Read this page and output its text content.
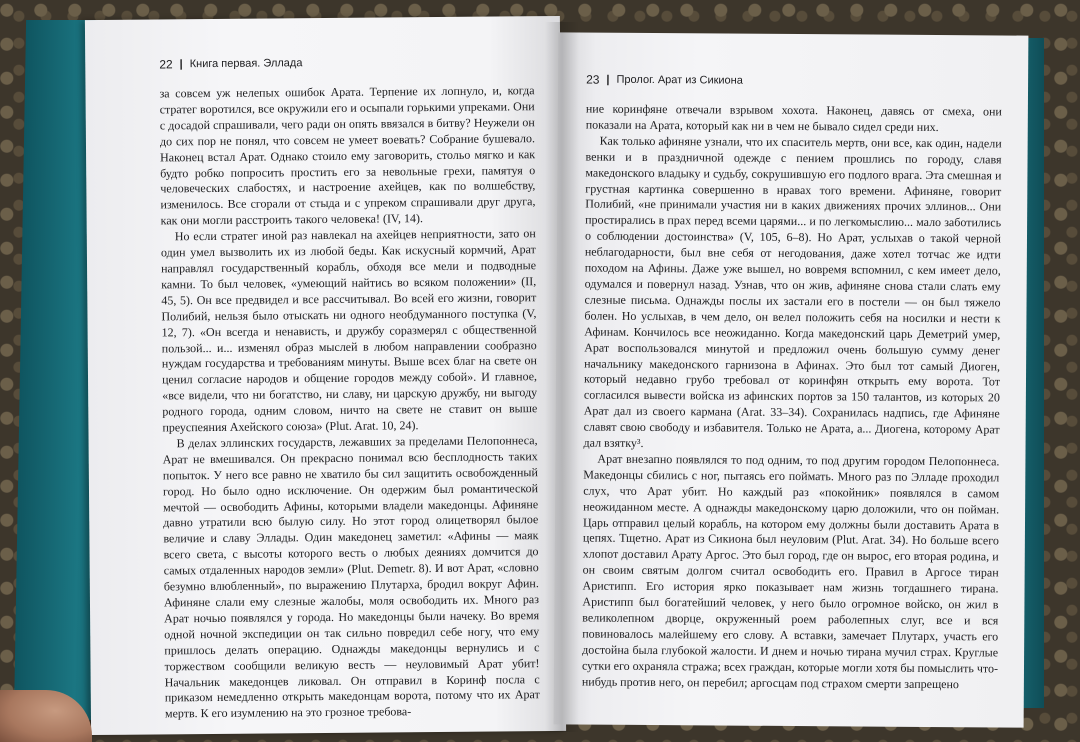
22 | Книга первая. Эллада

за совсем уж нелепых ошибок Арата. Терпение их лопнуло, и, когда стратег воротился, все окружили его и осыпали горькими упреками. Они с досадой спрашивали, чего ради он опять ввязался в битву? Неужели он до сих пор не понял, что совсем не умеет воевать? Собрание бушевало. Наконец встал Арат. Однако стоило ему заговорить, стольо мягко и как будто робко попросить простить его за невольные грехи, памятуя о человеческих слабостях, и настроение ахейцев, как по волшебству, изменилось. Все сгорали от стыда и с упреком спрашивали друг друга, как они могли расстроить такого человека! (IV, 14).

Но если стратег иной раз навлекал на ахейцев неприятности, зато он один умел вызволить их из любой беды. Как искусный кормчий, Арат направлял государственный корабль, обходя все мели и подводные камни. То был человек, «умеющий найтись во всяком положении» (II, 45, 5). Он все предвидел и все рассчитывал. Во всей его жизни, говорит Полибий, нельзя было отыскать ни одного необдуманного поступка (V, 12, 7). «Он всегда и ненависть, и дружбу соразмерял с общественной пользой... и... изменял образ мыслей в любом направлении сообразно нуждам государства и требованиям минуты. Выше всех благ на свете он ценил согласие народов и общение городов между собой». И главное, «все видели, что ни богатство, ни славу, ни царскую дружбу, ни выгоду родного города, одним словом, ничто на свете не ставит он выше преуспеяния Ахейского союза» (Plut. Arat. 10, 24).

В делах эллинских государств, лежавших за пределами Пелопоннеса, Арат не вмешивался. Он прекрасно понимал всю бесплодность таких попыток. У него все равно не хватило бы сил защитить освобожденный город. Но было одно исключение. Он одержим был романтической мечтой — освободить Афины, которыми владели македонцы. Афиняне давно утратили всю былую силу. Но этот город олицетворял былое величие и славу Эллады. Один македонец заметил: «Афины — маяк всего света, с высоты которого весть о любых деяниях домчится до самых отдаленных народов земли» (Plut. Demetr. 8). И вот Арат, «словно безумно влюбленный», по выражению Плутарха, бродил вокруг Афин. Афиняне слали ему слезные жалобы, моля освободить их. Много раз Арат ночью появлялся у города. Но македонцы были начеку. Во время одной ночной экспедиции он так сильно повредил себе ногу, что ему пришлось делать операцию. Однажды македонцы вернулись и с торжеством сообщили великую весть — неуловимый Арат убит! Начальник македонцев ликовал. Он отправил в Коринф посла с приказом немедленно открыть македонцам ворота, потому что их Арат мертв. К его изумлению на это грозное требова-

23 | Пролог. Арат из Сикиона

ние коринфяне отвечали взрывом хохота. Наконец, давясь от смеха, они показали на Арата, который как ни в чем не бывало сидел среди них.

Как только афиняне узнали, что их спаситель мертв, они все, как один, надели венки и в праздничной одежде с пением прошлись по городу, славя македонского владыку и судьбу, сокрушившую его подлого врага. Эта смешная и грустная картинка совершенно в нравах того времени. Афиняне, говорит Полибий, «не принимали участия ни в каких движениях прочих эллинов... Они простирались в прах перед всеми царями... и по легкомыслию... мало заботились о соблюдении достоинства» (V, 105, 6–8). Но Арат, услыхав о такой черной неблагодарности, был вне себя от негодования, даже хотел тотчас же идти походом на Афины. Даже уже вышел, но вовремя вспомнил, с кем имеет дело, одумался и повернул назад. Узнав, что он жив, афиняне снова стали слать ему слезные письма. Однажды послы их застали его в постели — он был тяжело болен. Но услыхав, в чем дело, он велел положить себя на носилки и нести к Афинам. Кончилось все неожиданно. Когда македонский царь Деметрий умер, Арат воспользовался минутой и предложил очень большую сумму денег начальнику македонского гарнизона в Афинах. Это был тот самый Диоген, который недавно грубо требовал от коринфян открыть ему ворота. Тот согласился вывести войска из афинских портов за 150 талантов, из которых 20 Арат дал из своего кармана (Arat. 33–34). Сохранилась надпись, где Афиняне славят свою свободу и избавителя. Только не Арата, а... Диогена, которому Арат дал взятку³.

Арат внезапно появлялся то под одним, то под другим городом Пелопоннеса. Македонцы сбились с ног, пытаясь его поймать. Много раз по Элладе проходил слух, что Арат убит. Но каждый раз «покойник» появлялся в самом неожиданном месте. А однажды македонскому царю доложили, что он пойман. Царь отправил целый корабль, на котором ему должны были доставить Арата в цепях. Тщетно. Арат из Сикиона был неуловим (Plut. Arat. 34). Но больше всего хлопот доставил Арату Аргос. Это был город, где он вырос, его вторая родина, и он своим святым долгом считал освободить его. Правил в Аргосе тиран Аристипп. Его история ярко показывает нам жизнь тогдашнего тирана. Аристипп был богатейший человек, у него было огромное войско, он жил в великолепном дворце, окруженный роем раболепных слуг, все и вся повиновалось малейшему его слову. А вставки, замечает Плутарх, участь его достойна была глубокой жалости. И днем и ночью тирана мучил страх. Круглые сутки его охраняла стража; всех граждан, которые могли хотя бы помыслить что-нибудь против него, он перебил; аргосцам под страхом смерти запрещено
